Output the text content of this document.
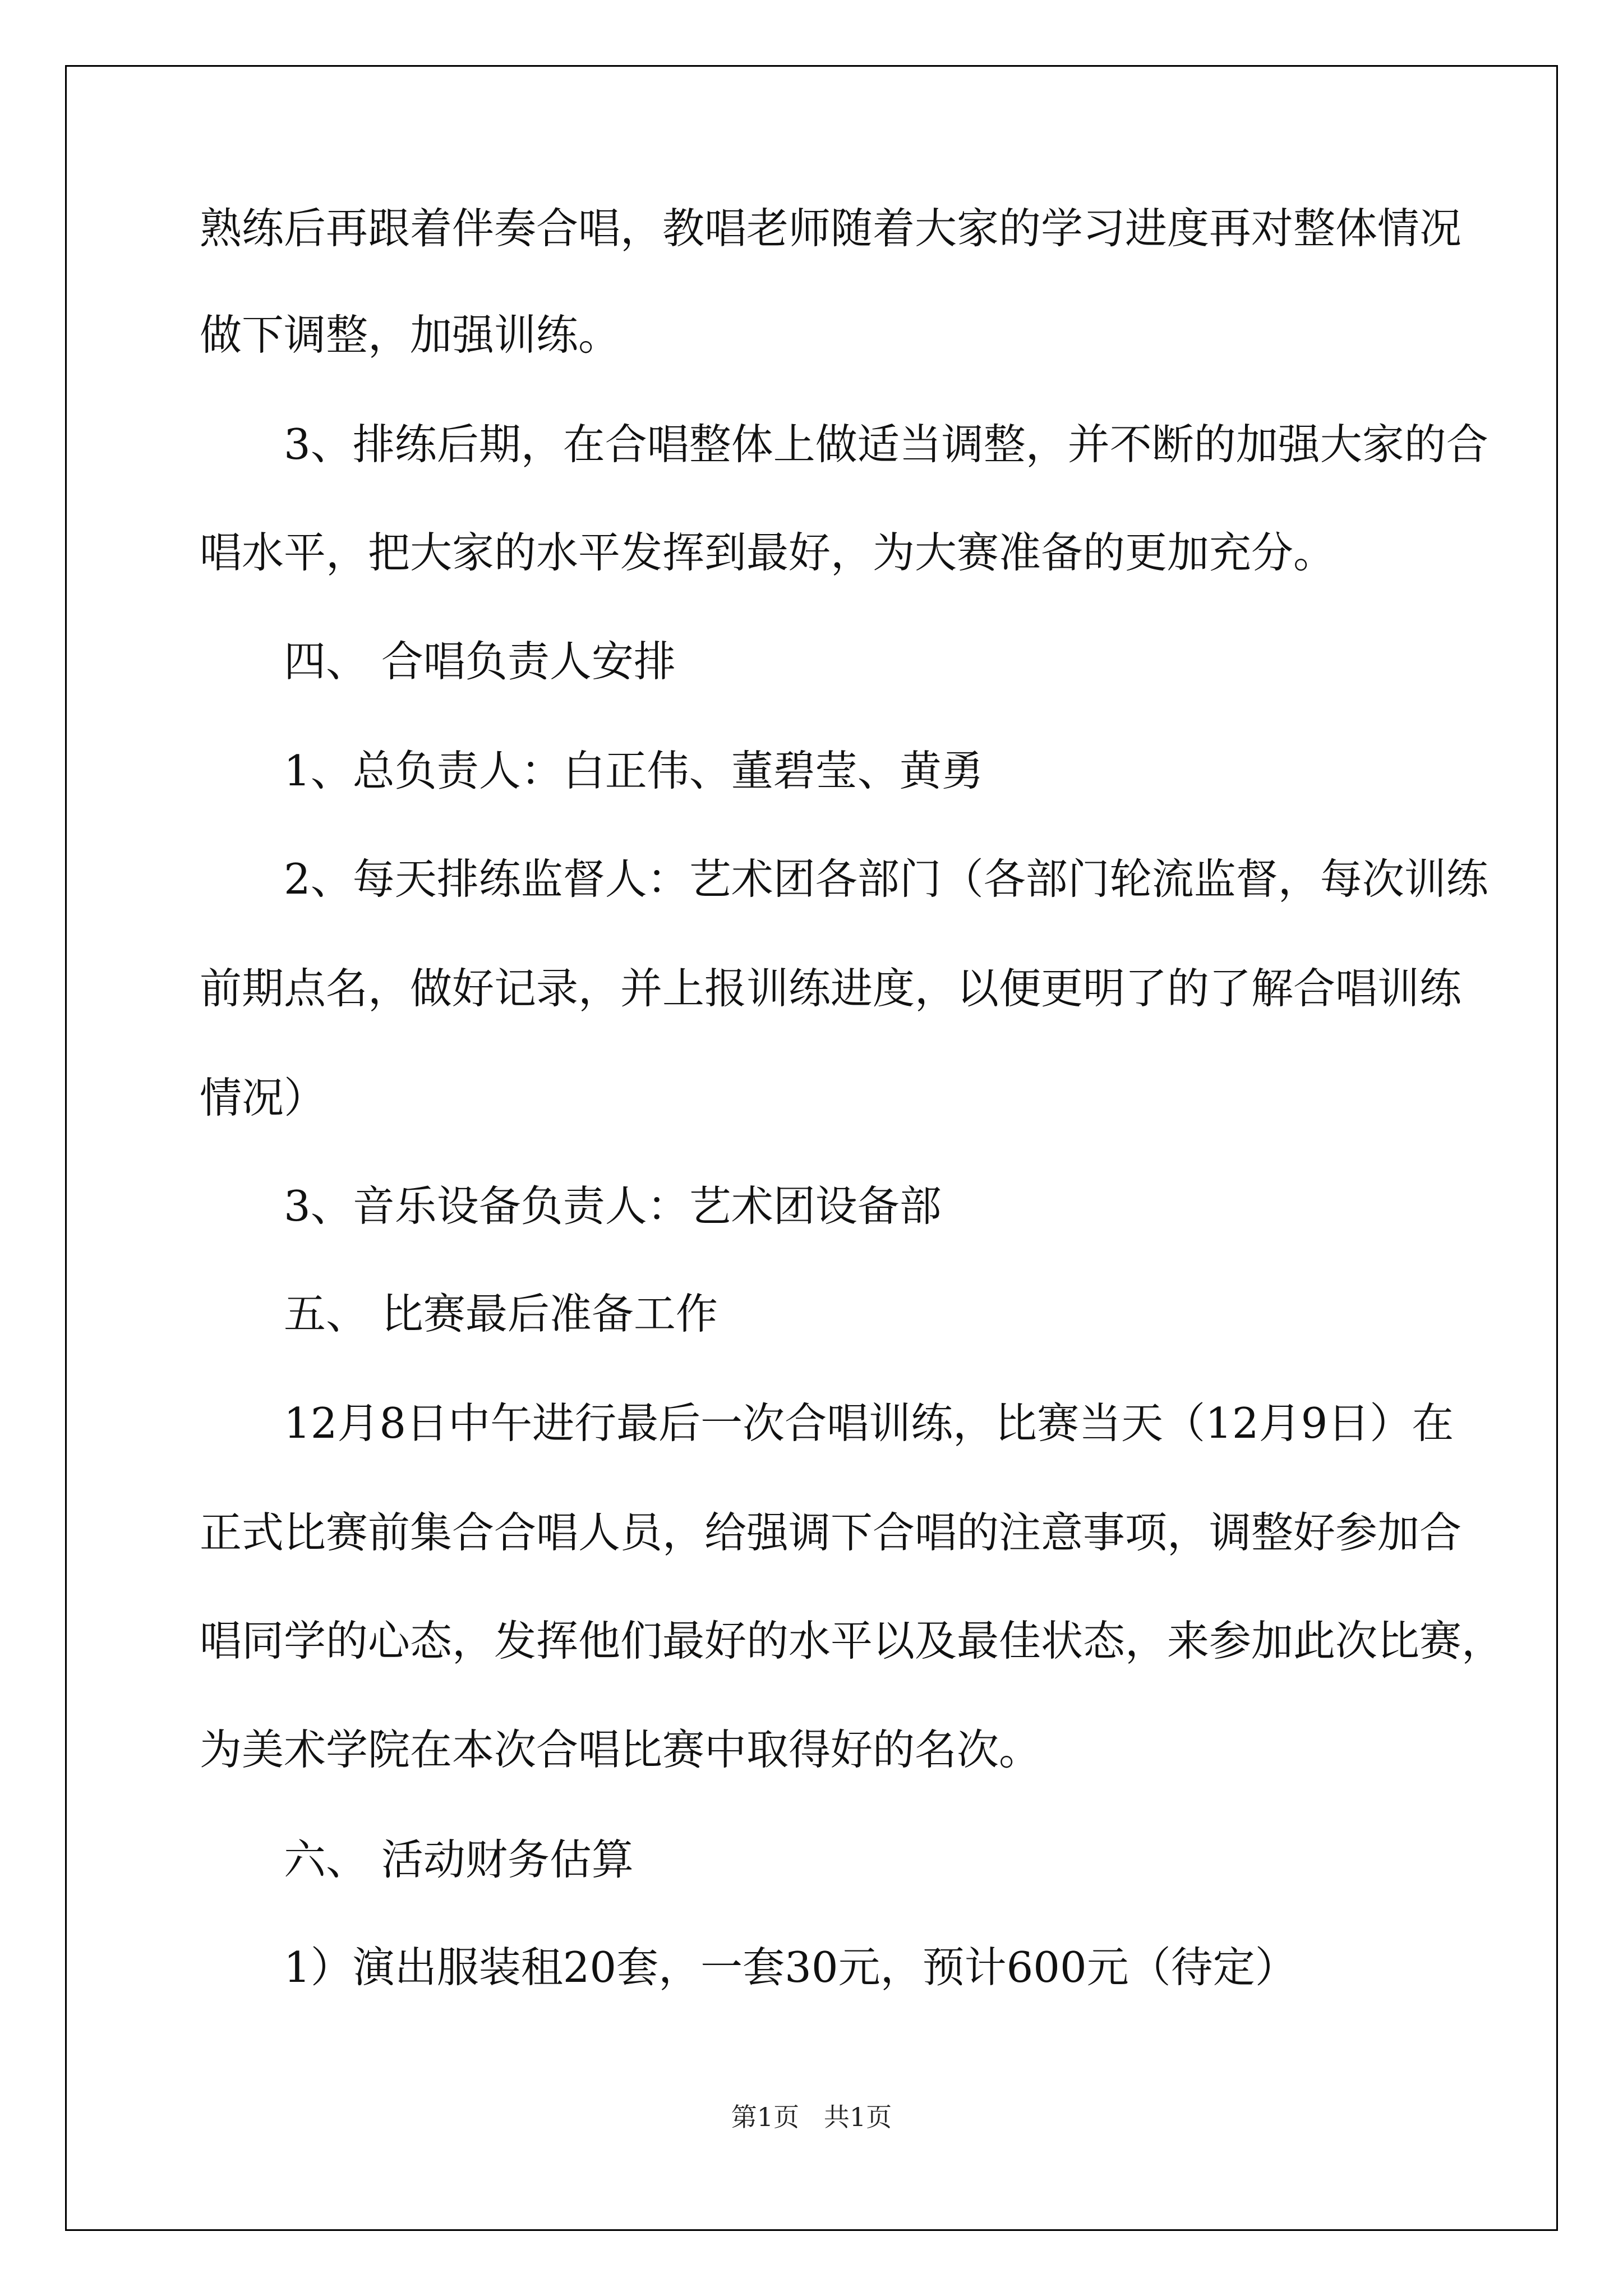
熟练后再跟着伴奏合唱，教唱老师随着大家的学习进度再对整体情况
做下调整，加强训练。
3、排练后期，在合唱整体上做适当调整，并不断的加强大家的合
唱水平，把大家的水平发挥到最好，为大赛准备的更加充分。
四、 合唱负责人安排
1、总负责人：白正伟、董碧莹、黄勇
2、每天排练监督人：艺术团各部门（各部门轮流监督，每次训练
前期点名，做好记录，并上报训练进度，以便更明了的了解合唱训练
情况）
3、音乐设备负责人：艺术团设备部
五、 比赛最后准备工作
12月8日中午进行最后一次合唱训练，比赛当天（12月9日）在
正式比赛前集合合唱人员，给强调下合唱的注意事项，调整好参加合
唱同学的心态，发挥他们最好的水平以及最佳状态，来参加此次比赛，
为美术学院在本次合唱比赛中取得好的名次。
六、 活动财务估算
1）演出服装租20套，一套30元，预计600元（待定）
第1页   共1页
